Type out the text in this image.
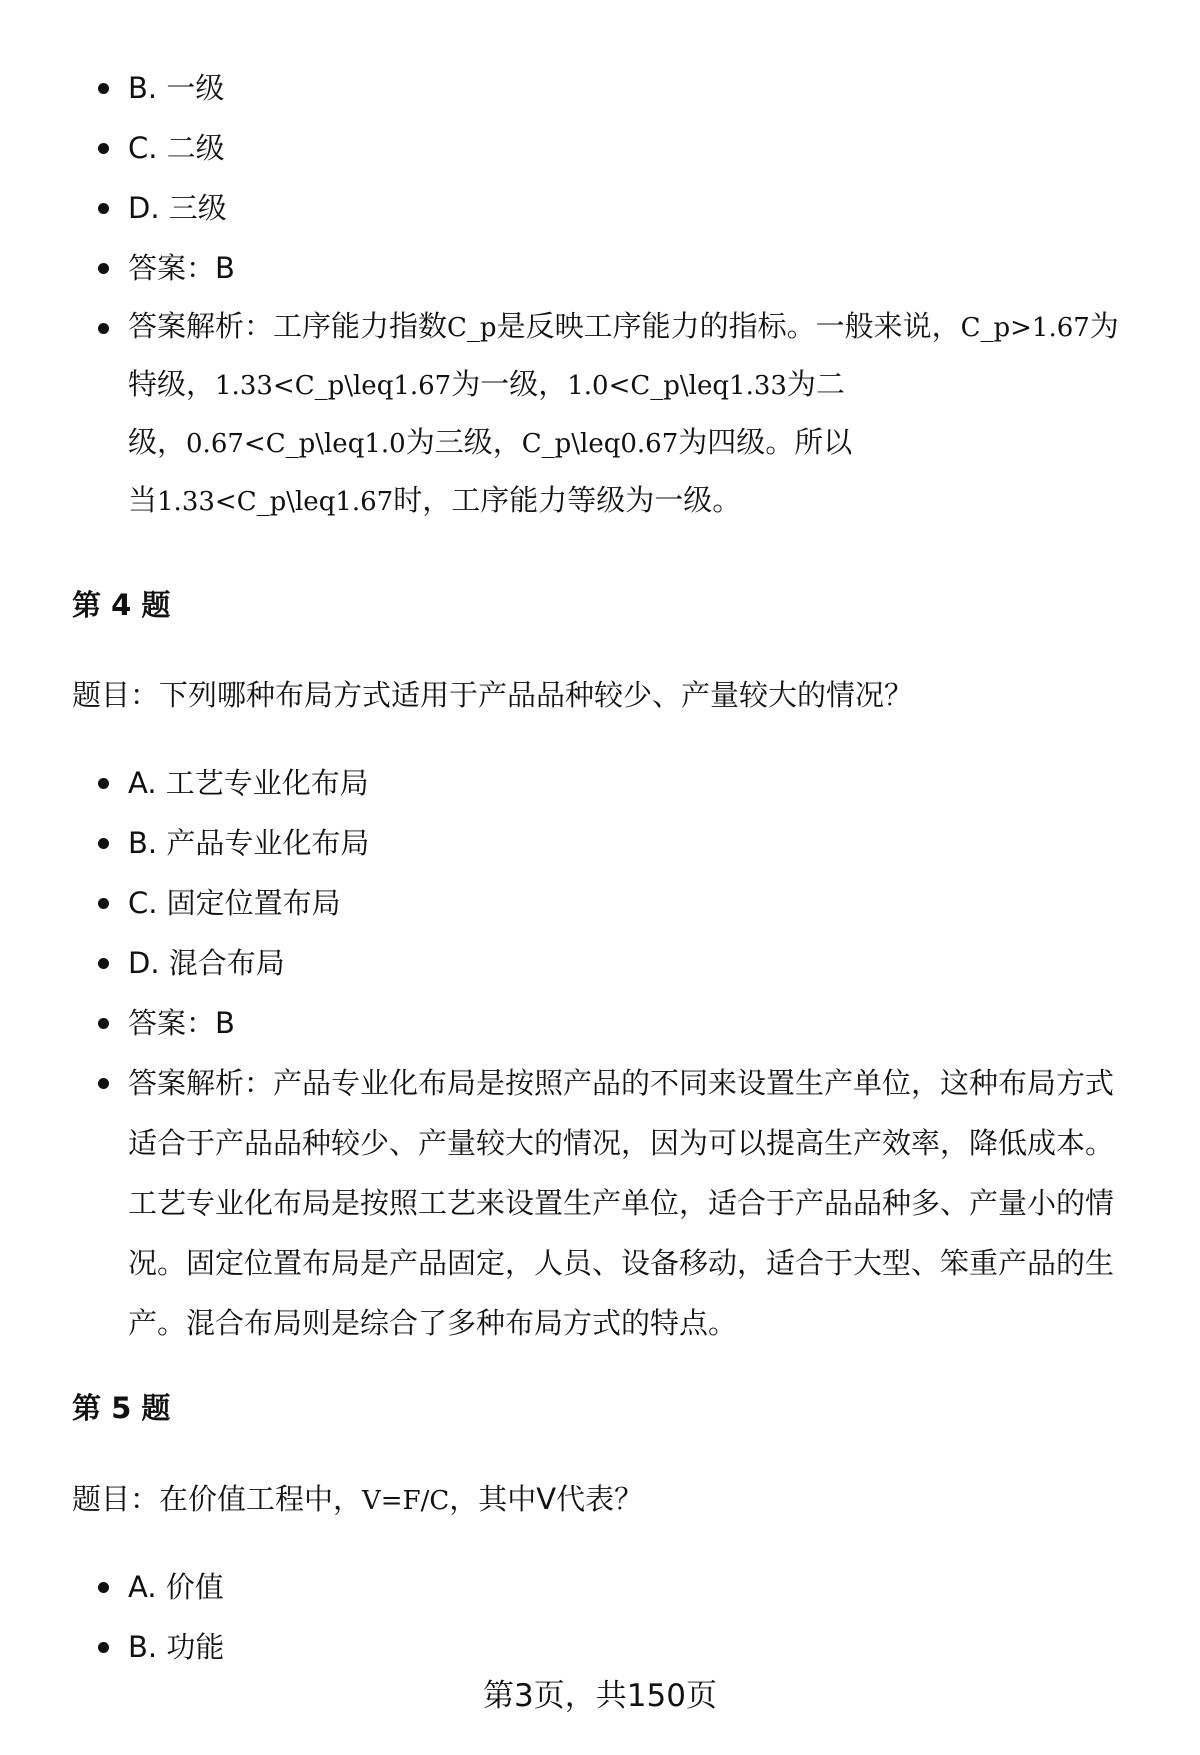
B. 一级
C. 二级
D. 三级
答案：B
答案解析：工序能力指数C_p是反映工序能力的指标。一般来说，C_p>1.67为
特级，1.33<C_p\leq1.67为一级，1.0<C_p\leq1.33为二
级，0.67<C_p\leq1.0为三级，C_p\leq0.67为四级。所以
当1.33<C_p\leq1.67时，工序能力等级为一级。
第 4 题
题目：下列哪种布局方式适用于产品品种较少、产量较大的情况？
A. 工艺专业化布局
B. 产品专业化布局
C. 固定位置布局
D. 混合布局
答案：B
答案解析：产品专业化布局是按照产品的不同来设置生产单位，这种布局方式
适合于产品品种较少、产量较大的情况，因为可以提高生产效率，降低成本。
工艺专业化布局是按照工艺来设置生产单位，适合于产品品种多、产量小的情
况。固定位置布局是产品固定，人员、设备移动，适合于大型、笨重产品的生
产。混合布局则是综合了多种布局方式的特点。
第 5 题
题目：在价值工程中，V=F/C，其中V代表？
A. 价值
B. 功能
第3页，共150页
